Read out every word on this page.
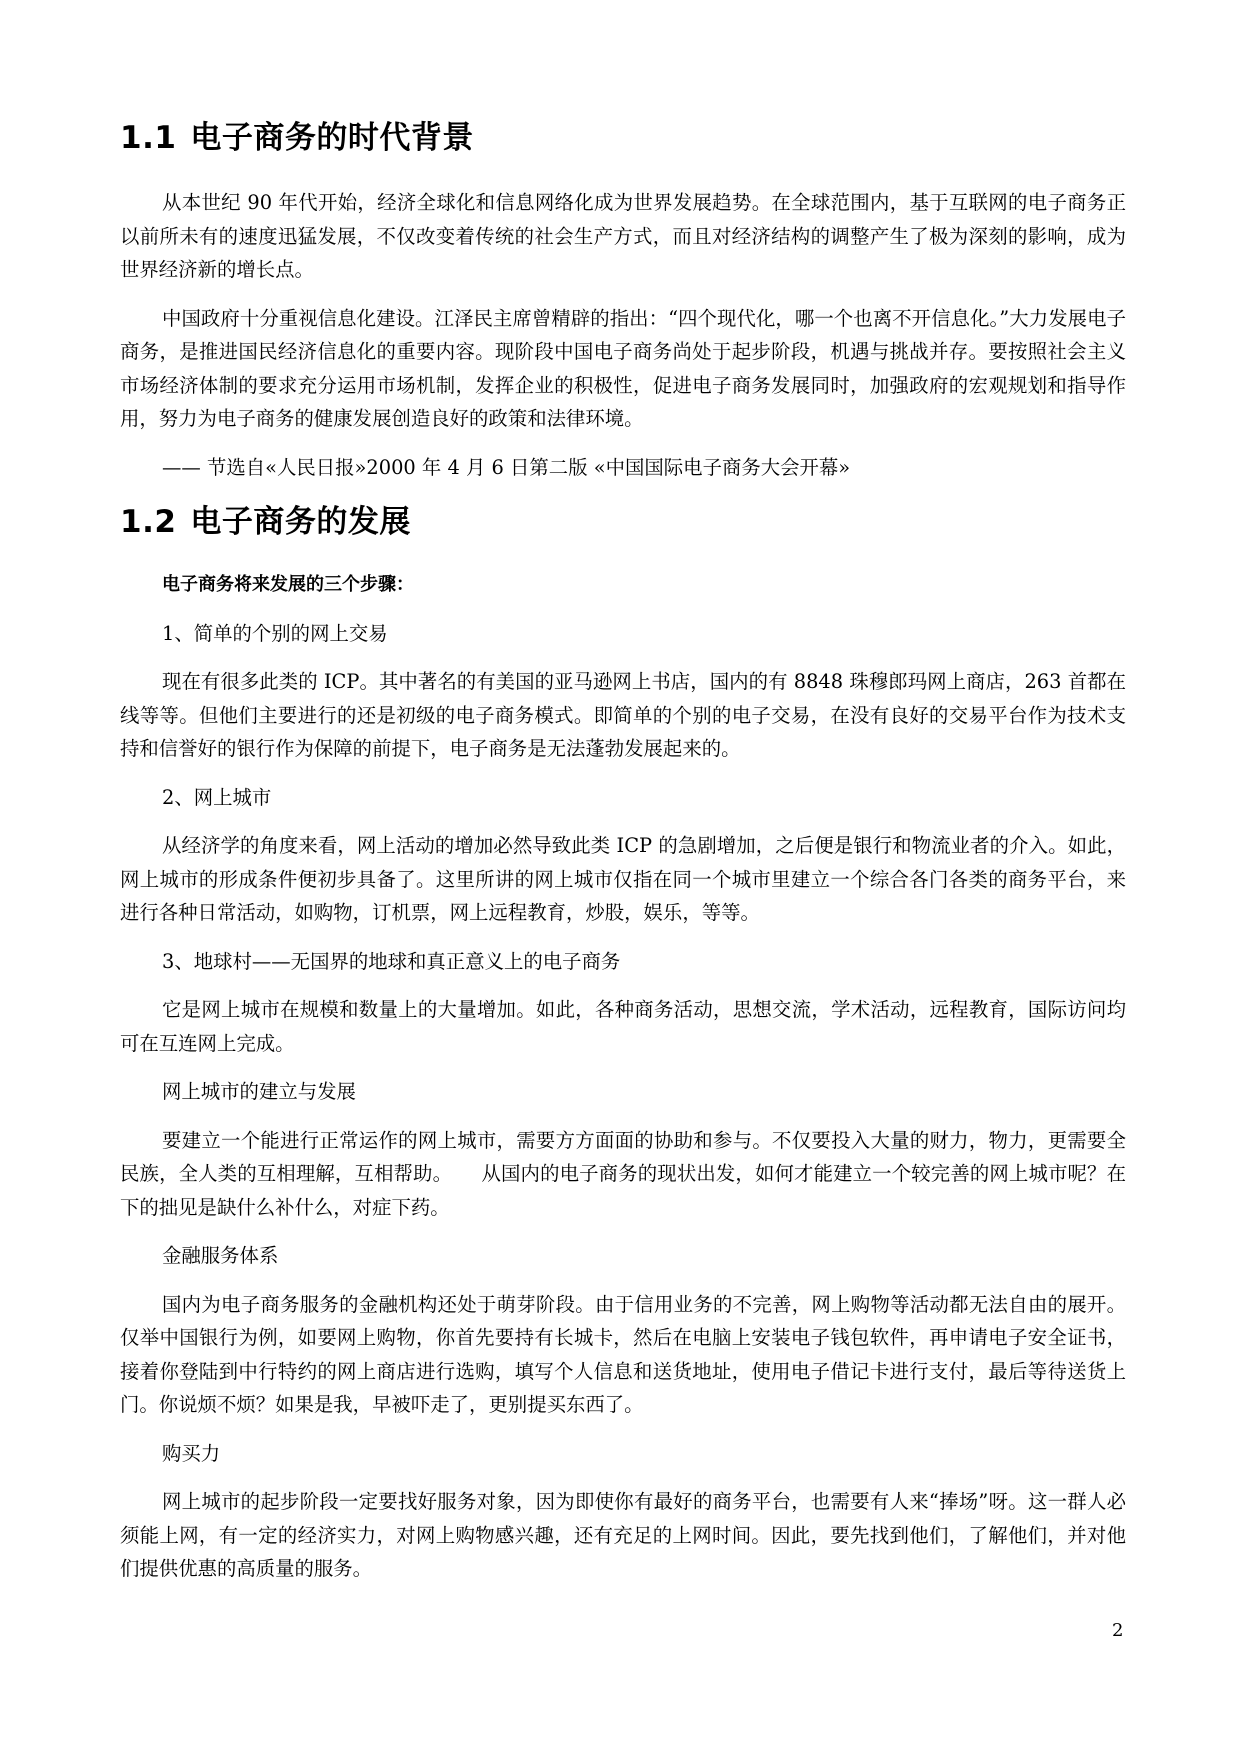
1.1 电子商务的时代背景

从本世纪 90 年代开始，经济全球化和信息网络化成为世界发展趋势。在全球范围内，基于互联网的电子商务正以前所未有的速度迅猛发展，不仅改变着传统的社会生产方式，而且对经济结构的调整产生了极为深刻的影响，成为世界经济新的增长点。

中国政府十分重视信息化建设。江泽民主席曾精辟的指出：“四个现代化，哪一个也离不开信息化。”大力发展电子商务，是推进国民经济信息化的重要内容。现阶段中国电子商务尚处于起步阶段，机遇与挑战并存。要按照社会主义市场经济体制的要求充分运用市场机制，发挥企业的积极性，促进电子商务发展同时，加强政府的宏观规划和指导作用，努力为电子商务的健康发展创造良好的政策和法律环境。

—— 节选自«人民日报»2000 年 4 月 6 日第二版 «中国国际电子商务大会开幕»

1.2 电子商务的发展

电子商务将来发展的三个步骤：

1、简单的个别的网上交易

现在有很多此类的 ICP。其中著名的有美国的亚马逊网上书店，国内的有 8848 珠穆郎玛网上商店，263 首都在线等等。但他们主要进行的还是初级的电子商务模式。即简单的个别的电子交易，在没有良好的交易平台作为技术支持和信誉好的银行作为保障的前提下，电子商务是无法蓬勃发展起来的。

2、网上城市

从经济学的角度来看，网上活动的增加必然导致此类 ICP 的急剧增加，之后便是银行和物流业者的介入。如此，网上城市的形成条件便初步具备了。这里所讲的网上城市仅指在同一个城市里建立一个综合各门各类的商务平台，来进行各种日常活动，如购物，订机票，网上远程教育，炒股，娱乐，等等。

3、地球村——无国界的地球和真正意义上的电子商务

它是网上城市在规模和数量上的大量增加。如此，各种商务活动，思想交流，学术活动，远程教育，国际访问均可在互连网上完成。

网上城市的建立与发展

要建立一个能进行正常运作的网上城市，需要方方面面的协助和参与。不仅要投入大量的财力，物力，更需要全民族，全人类的互相理解，互相帮助。　　从国内的电子商务的现状出发，如何才能建立一个较完善的网上城市呢？在下的拙见是缺什么补什么，对症下药。

金融服务体系

国内为电子商务服务的金融机构还处于萌芽阶段。由于信用业务的不完善，网上购物等活动都无法自由的展开。仅举中国银行为例，如要网上购物，你首先要持有长城卡，然后在电脑上安装电子钱包软件，再申请电子安全证书，接着你登陆到中行特约的网上商店进行选购，填写个人信息和送货地址，使用电子借记卡进行支付，最后等待送货上门。你说烦不烦？如果是我，早被吓走了，更别提买东西了。

购买力

网上城市的起步阶段一定要找好服务对象，因为即使你有最好的商务平台，也需要有人来“捧场”呀。这一群人必须能上网，有一定的经济实力，对网上购物感兴趣，还有充足的上网时间。因此，要先找到他们，了解他们，并对他们提供优惠的高质量的服务。

2
